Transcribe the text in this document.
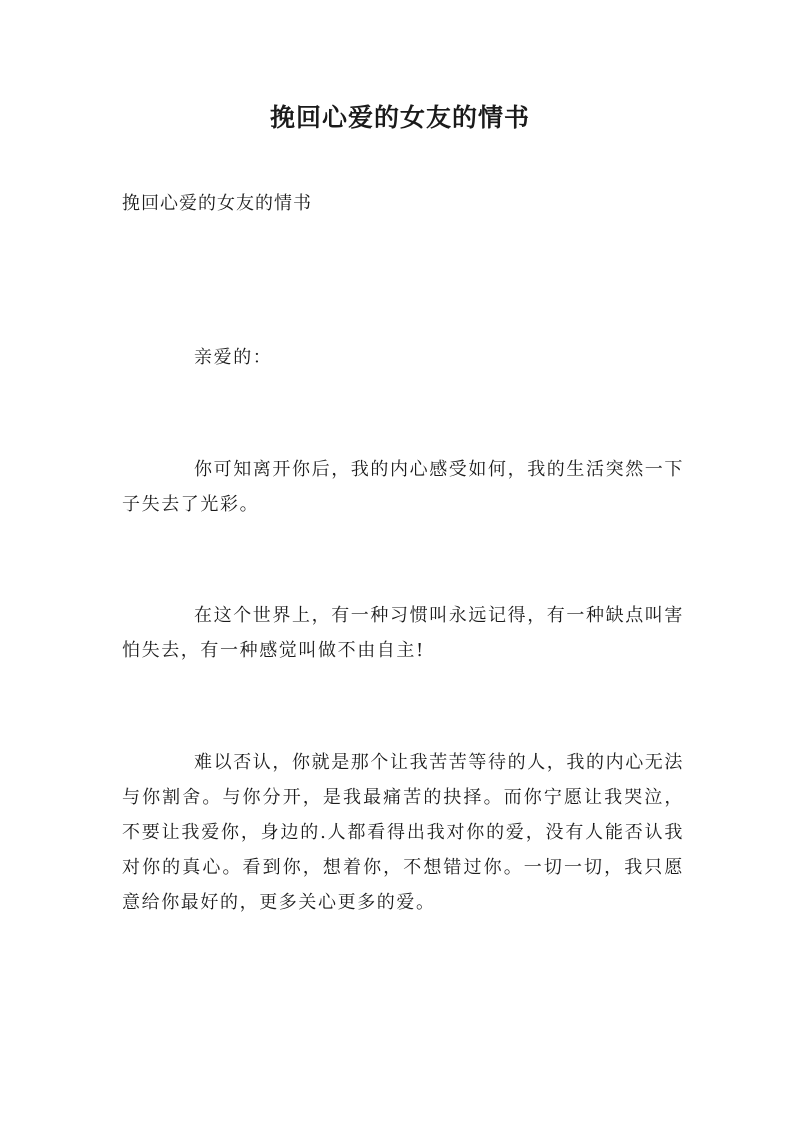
挽回心爱的女友的情书
挽回心爱的女友的情书
亲爱的：
你可知离开你后，我的内心感受如何，我的生活突然一下子失去了光彩。
在这个世界上，有一种习惯叫永远记得，有一种缺点叫害怕失去，有一种感觉叫做不由自主!
难以否认，你就是那个让我苦苦等待的人，我的内心无法与你割舍。与你分开，是我最痛苦的抉择。而你宁愿让我哭泣，不要让我爱你，身边的.人都看得出我对你的爱，没有人能否认我对你的真心。看到你，想着你，不想错过你。一切一切，我只愿意给你最好的，更多关心更多的爱。
